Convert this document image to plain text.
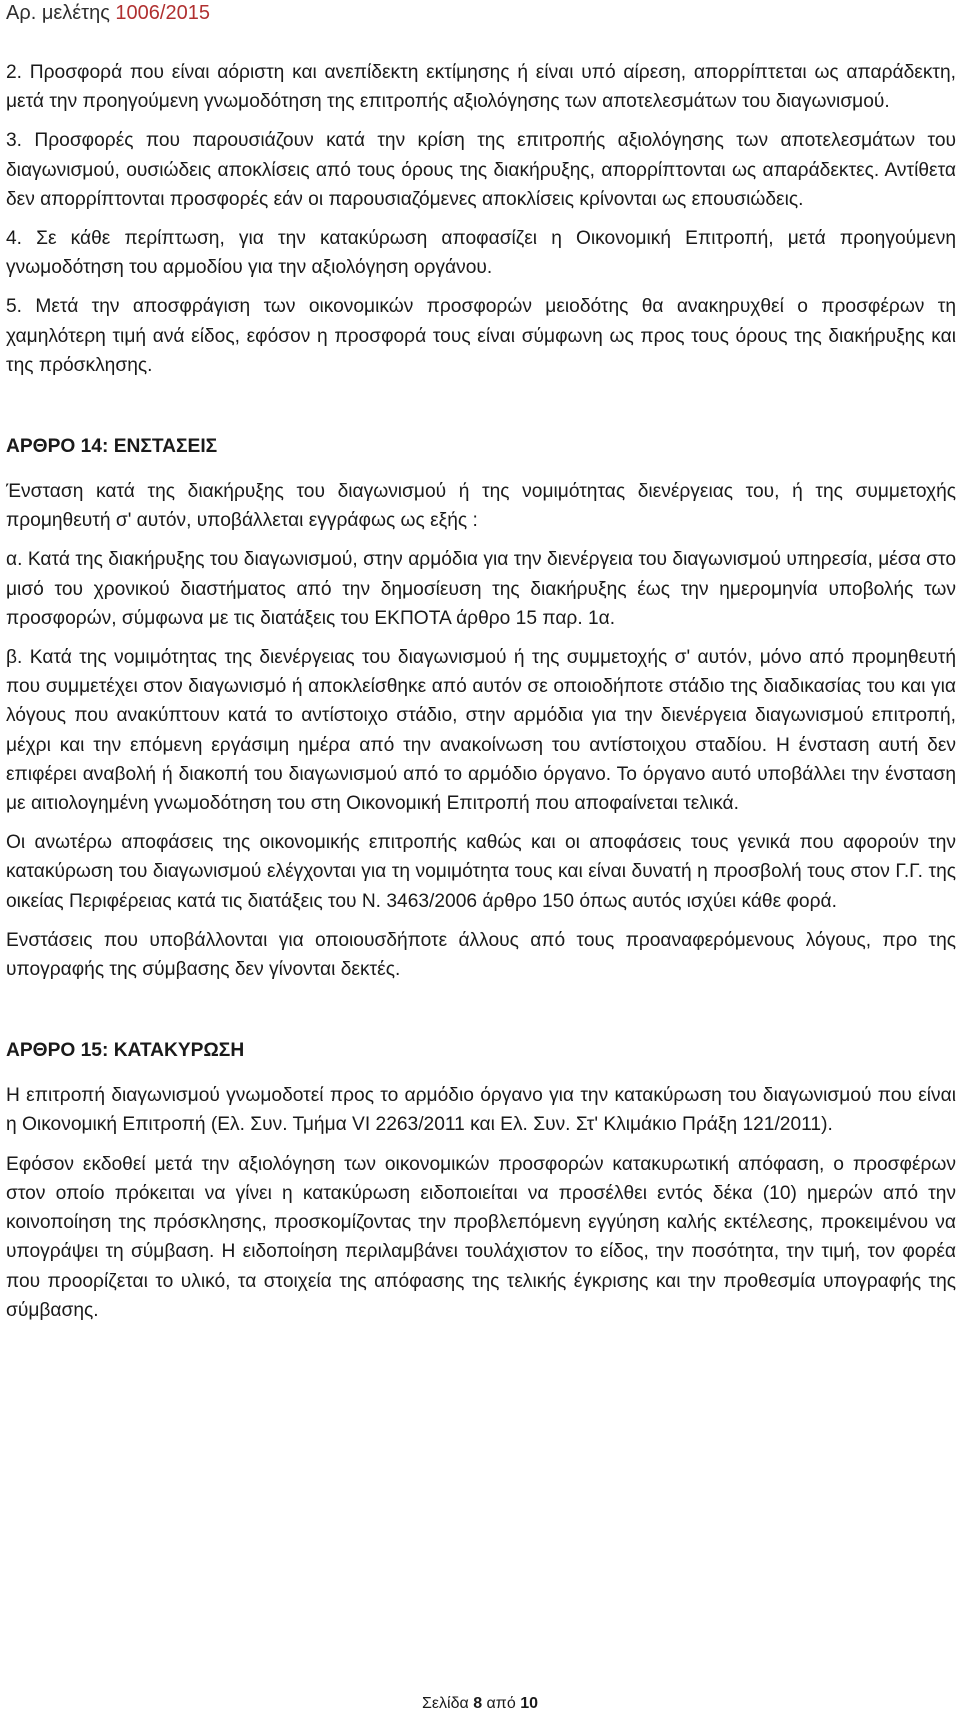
Αρ. μελέτης 1006/2015

2. Προσφορά που είναι αόριστη και ανεπίδεκτη εκτίμησης ή είναι υπό αίρεση, απορρίπτεται ως απαράδεκτη, μετά την προηγούμενη γνωμοδότηση της επιτροπής αξιολόγησης των αποτελεσμάτων του διαγωνισμού.

3. Προσφορές που παρουσιάζουν κατά την κρίση της επιτροπής αξιολόγησης των αποτελεσμάτων του διαγωνισμού, ουσιώδεις αποκλίσεις από τους όρους της διακήρυξης, απορρίπτονται ως απαράδεκτες. Αντίθετα δεν απορρίπτονται προσφορές εάν οι παρουσιαζόμενες αποκλίσεις κρίνονται ως επουσιώδεις.

4. Σε κάθε περίπτωση, για την κατακύρωση αποφασίζει η Οικονομική Επιτροπή, μετά προηγούμενη γνωμοδότηση του αρμοδίου για την αξιολόγηση οργάνου.

5. Μετά την αποσφράγιση των οικονομικών προσφορών μειοδότης θα ανακηρυχθεί ο προσφέρων τη χαμηλότερη τιμή ανά είδος, εφόσον η προσφορά τους είναι σύμφωνη ως προς τους όρους της διακήρυξης και της πρόσκλησης.

ΑΡΘΡΟ 14: ΕΝΣΤΑΣΕΙΣ

Ένσταση κατά της διακήρυξης του διαγωνισμού ή της νομιμότητας διενέργειας του, ή της συμμετοχής προμηθευτή σ' αυτόν, υποβάλλεται εγγράφως ως εξής :

α. Κατά της διακήρυξης του διαγωνισμού, στην αρμόδια για την διενέργεια του διαγωνισμού υπηρεσία, μέσα στο μισό του χρονικού διαστήματος από την δημοσίευση της διακήρυξης έως την ημερομηνία υποβολής των προσφορών, σύμφωνα με τις διατάξεις του ΕΚΠΟΤΑ άρθρο 15 παρ. 1α.

β. Κατά της νομιμότητας της διενέργειας του διαγωνισμού ή της συμμετοχής σ' αυτόν, μόνο από προμηθευτή που συμμετέχει στον διαγωνισμό ή αποκλείσθηκε από αυτόν σε οποιοδήποτε στάδιο της διαδικασίας του και για λόγους που ανακύπτουν κατά το αντίστοιχο στάδιο, στην αρμόδια για την διενέργεια διαγωνισμού επιτροπή, μέχρι και την επόμενη εργάσιμη ημέρα από την ανακοίνωση του αντίστοιχου σταδίου. Η ένσταση αυτή δεν επιφέρει αναβολή ή διακοπή του διαγωνισμού από το αρμόδιο όργανο. Το όργανο αυτό υποβάλλει την ένσταση με αιτιολογημένη γνωμοδότηση του στη Οικονομική Επιτροπή που αποφαίνεται τελικά.

Οι ανωτέρω αποφάσεις της οικονομικής επιτροπής καθώς και οι αποφάσεις τους γενικά που αφορούν την κατακύρωση του διαγωνισμού ελέγχονται για τη νομιμότητα τους και είναι δυνατή η προσβολή τους στον Γ.Γ. της οικείας Περιφέρειας κατά τις διατάξεις του Ν. 3463/2006 άρθρο 150 όπως αυτός ισχύει κάθε φορά.

Ενστάσεις που υποβάλλονται για οποιουσδήποτε άλλους από τους προαναφερόμενους λόγους, προ της υπογραφής της σύμβασης δεν γίνονται δεκτές.

ΑΡΘΡΟ 15: ΚΑΤΑΚΥΡΩΣΗ

Η επιτροπή διαγωνισμού γνωμοδοτεί προς το αρμόδιο όργανο για την κατακύρωση του διαγωνισμού που είναι η Οικονομική Επιτροπή (Ελ. Συν. Τμήμα VI 2263/2011 και Ελ. Συν. Στ' Κλιμάκιο Πράξη 121/2011).

Εφόσον εκδοθεί μετά την αξιολόγηση των οικονομικών προσφορών κατακυρωτική απόφαση, ο προσφέρων στον οποίο πρόκειται να γίνει η κατακύρωση ειδοποιείται να προσέλθει εντός δέκα (10) ημερών από την κοινοποίηση της πρόσκλησης, προσκομίζοντας την προβλεπόμενη εγγύηση καλής εκτέλεσης, προκειμένου να υπογράψει τη σύμβαση. Η ειδοποίηση περιλαμβάνει τουλάχιστον το είδος, την ποσότητα, την τιμή, τον φορέα που προορίζεται το υλικό, τα στοιχεία της απόφασης της τελικής έγκρισης και την προθεσμία υπογραφής της σύμβασης.

Σελίδα 8 από 10
